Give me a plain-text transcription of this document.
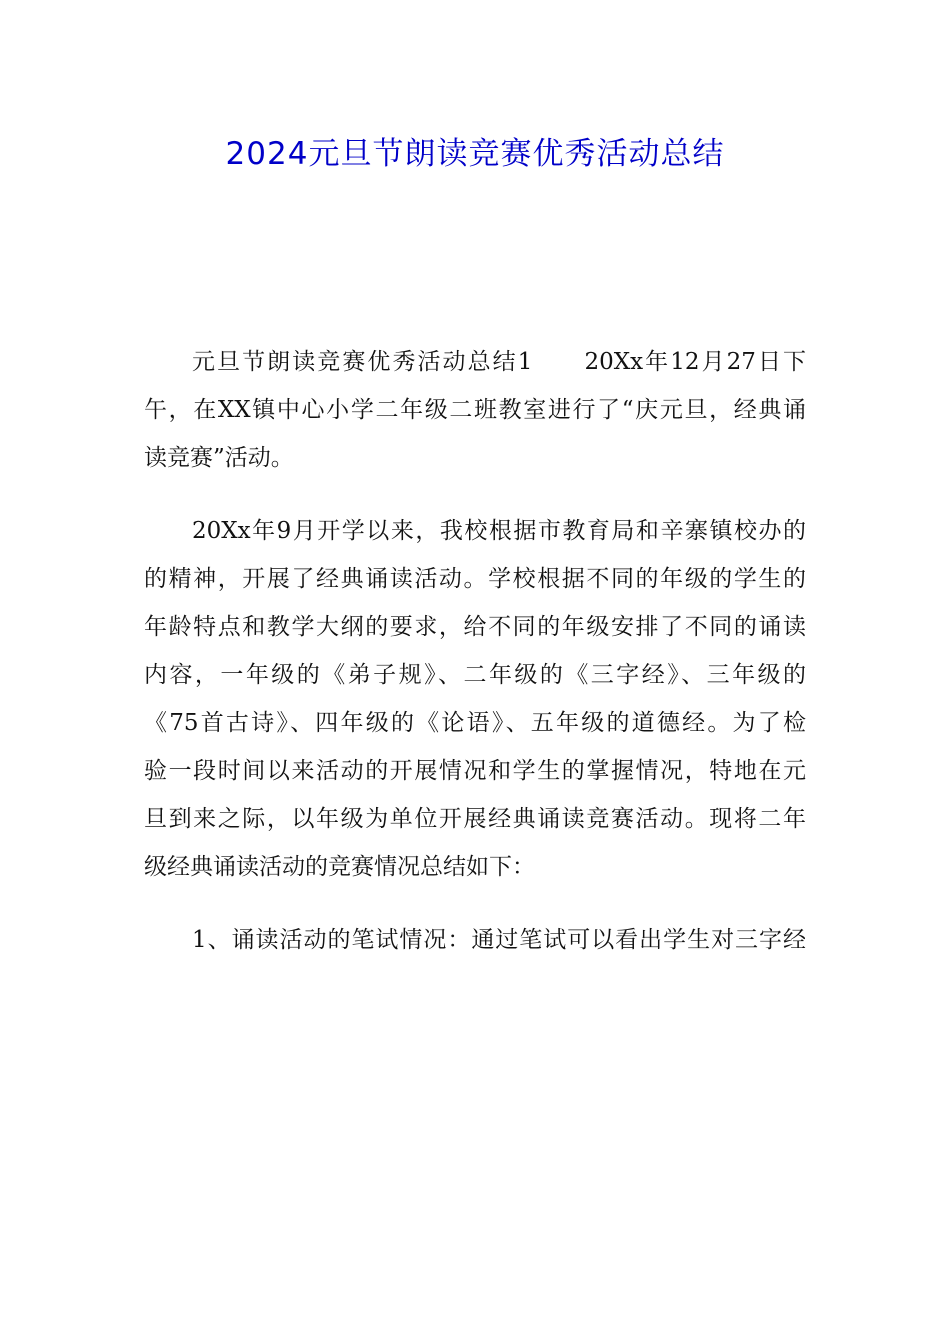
2024元旦节朗读竞赛优秀活动总结
元旦节朗读竞赛优秀活动总结1　　20Xx年12月27日下
午，在XX镇中心小学二年级二班教室进行了“庆元旦，经典诵
读竞赛”活动。
20Xx年9月开学以来，我校根据市教育局和辛寨镇校办的
的精神，开展了经典诵读活动。学校根据不同的年级的学生的
年龄特点和教学大纲的要求，给不同的年级安排了不同的诵读
内容，一年级的《弟子规》、二年级的《三字经》、三年级的
《75首古诗》、四年级的《论语》、五年级的道德经。为了检
验一段时间以来活动的开展情况和学生的掌握情况，特地在元
旦到来之际，以年级为单位开展经典诵读竞赛活动。现将二年
级经典诵读活动的竞赛情况总结如下：
1、诵读活动的笔试情况：通过笔试可以看出学生对三字经
